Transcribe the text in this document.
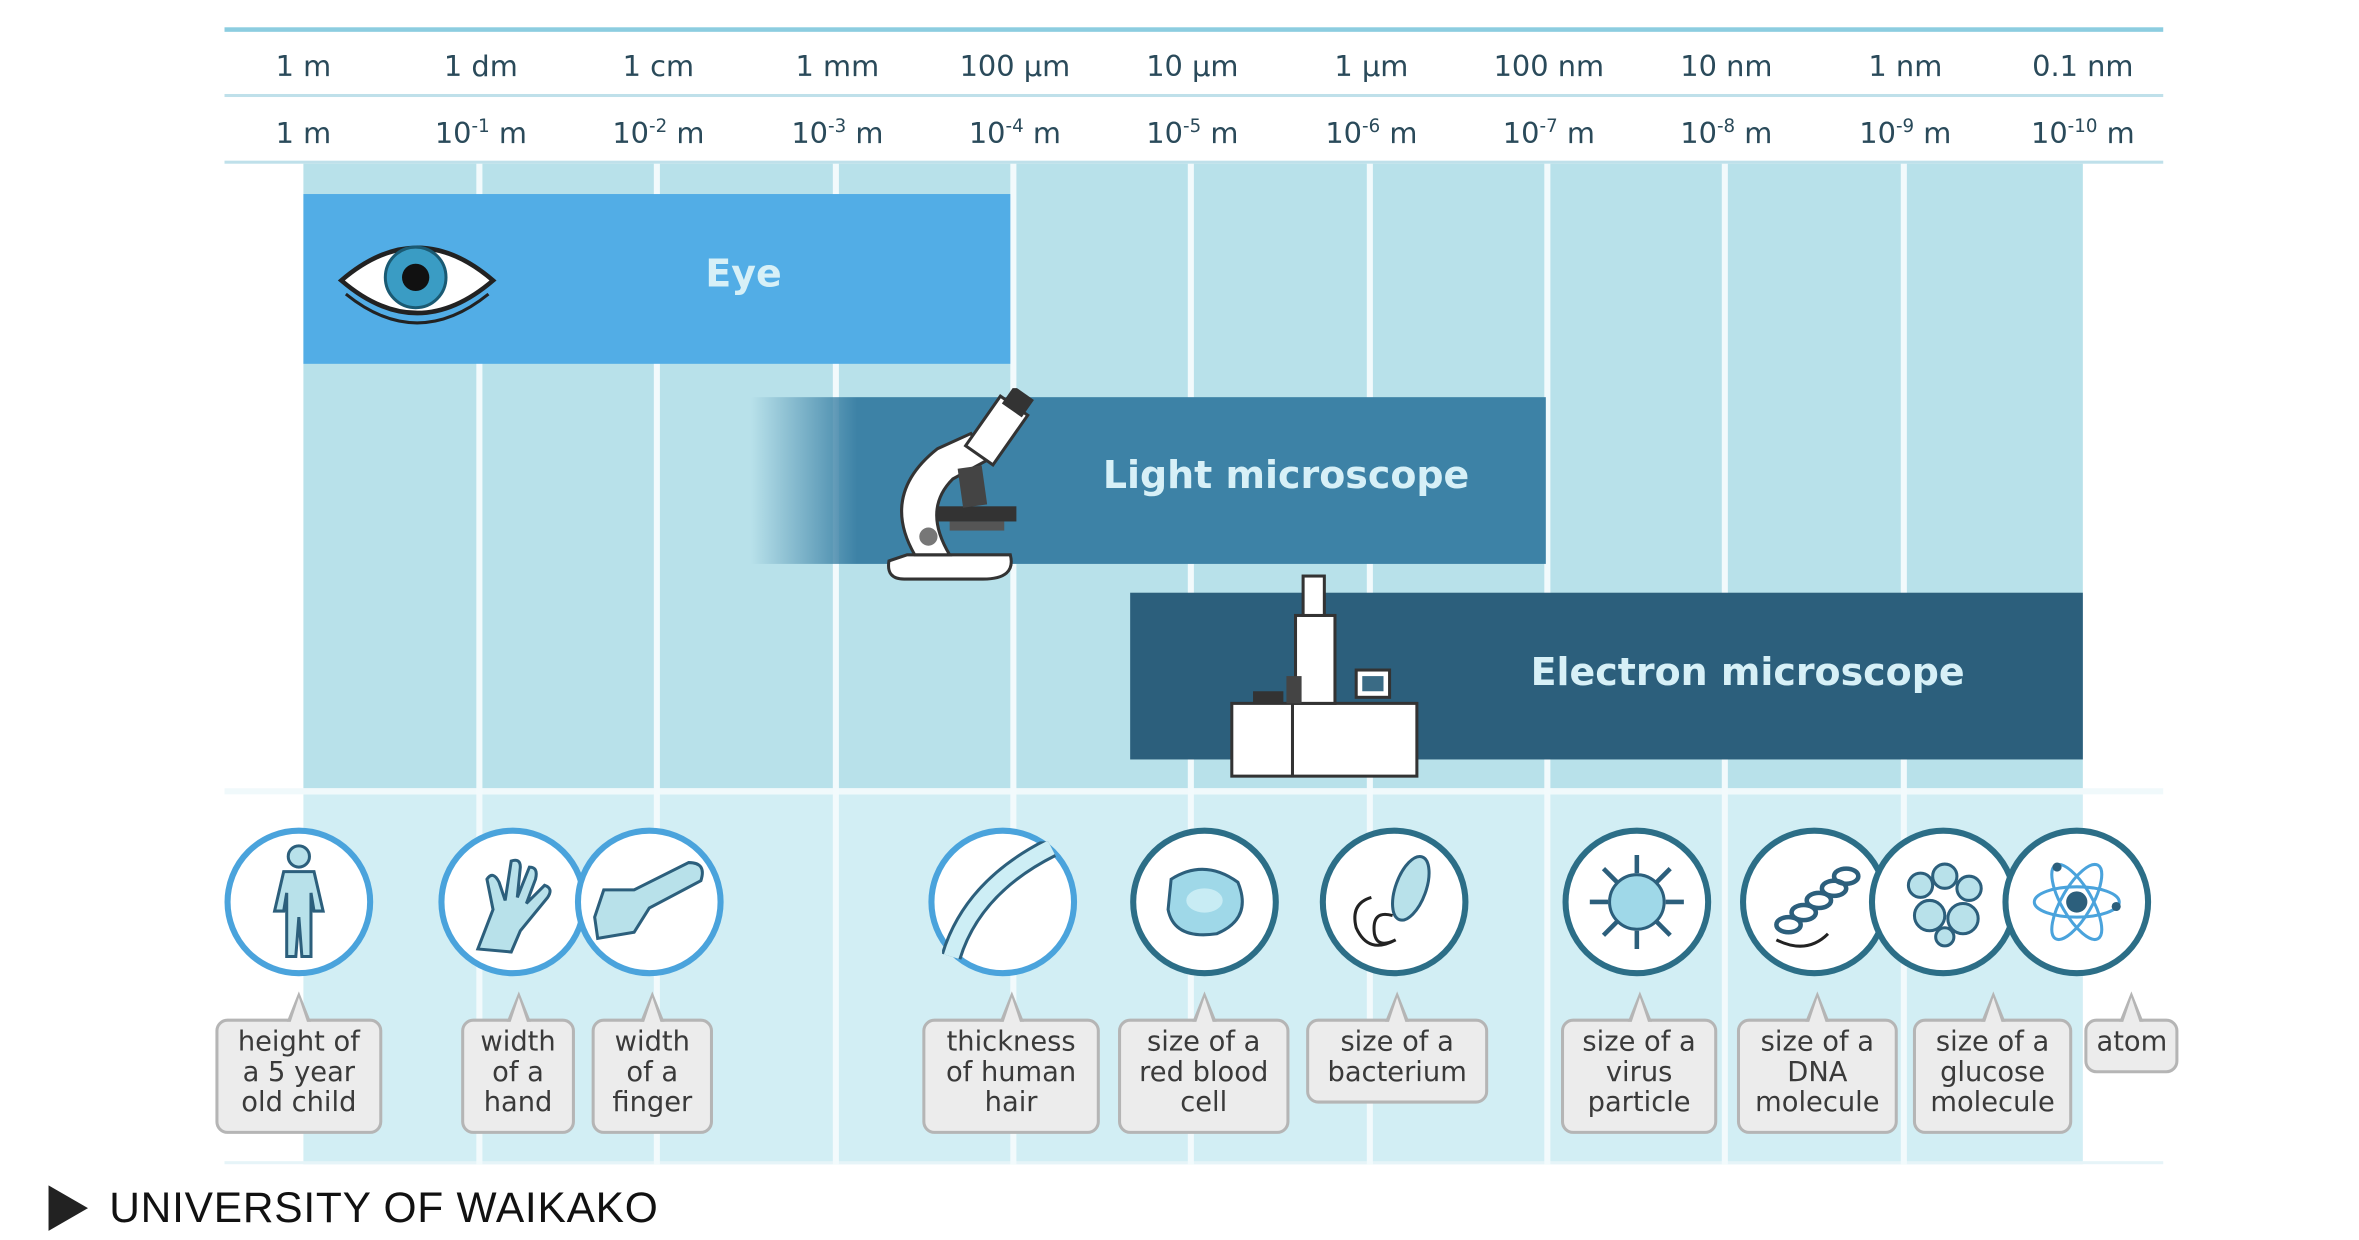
1 m	1 dm	1 cm	1 mm	100 μm	10 μm	1 μm	100 nm	10 nm	1 nm	0.1 nm
1 m	$10^{-1}$ m	$10^{-2}$ m	$10^{-3}$ m	$10^{-4}$ m	$10^{-5}$ m	$10^{-6}$ m	$10^{-7}$ m	$10^{-8}$ m	$10^{-9}$ m	$10^{-10}$ m
Eye
Light microscope
Electron microscope
height of a 5 year old child
width of a hand
width of a finger
thickness of human hair
size of a red blood cell
size of a bacterium
size of a virus particle
size of a DNA molecule
size of a glucose molecule
atom
UNIVERSITY OF WAIKAKO
